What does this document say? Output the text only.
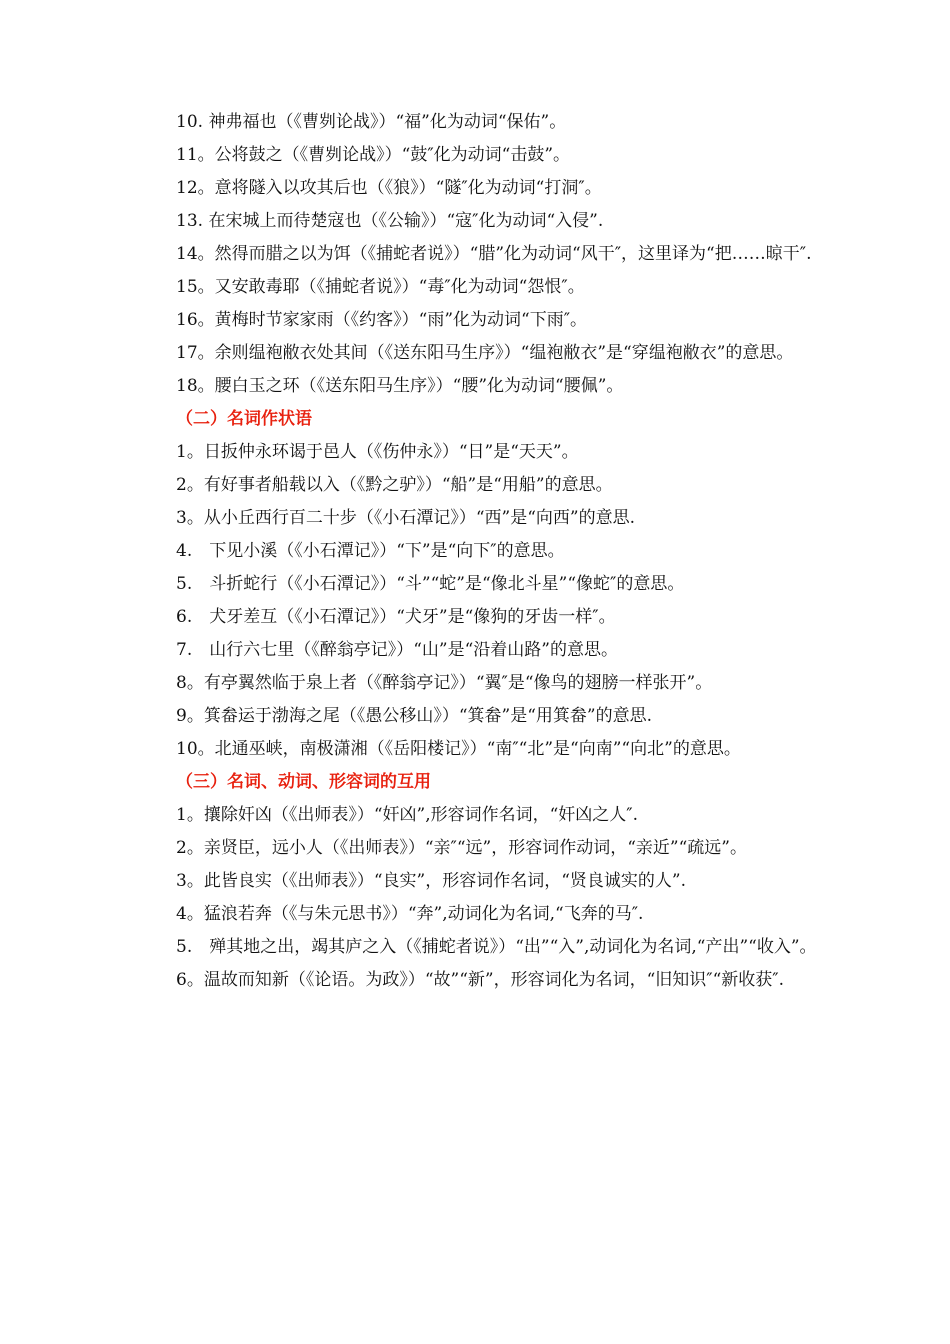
10. 神弗福也（《曹刿论战》）“福”化为动词“保佑”。

11。公将鼓之（《曹刿论战》）“鼓″化为动词“击鼓”。

12。意将隧入以攻其后也（《狼》）“隧″化为动词“打洞″。

13. 在宋城上而待楚寇也（《公输》）“寇″化为动词“入侵”.

14。然得而腊之以为饵（《捕蛇者说》）“腊”化为动词“风干″，这里译为“把……晾干″.

15。又安敢毒耶（《捕蛇者说》）“毒″化为动词“怨恨″。

16。黄梅时节家家雨（《约客》）“雨”化为动词“下雨″。

17。余则缊袍敝衣处其间（《送东阳马生序》）“缊袍敝衣”是“穿缊袍敝衣”的意思。

18。腰白玉之环（《送东阳马生序》）“腰”化为动词“腰佩”。

（二）名词作状语

1。日扳仲永环谒于邑人（《伤仲永》）“日”是“天天”。

2。有好事者船载以入（《黔之驴》）“船”是“用船”的意思。

3。从小丘西行百二十步（《小石潭记》）“西”是“向西”的意思.

4.　下见小溪（《小石潭记》）“下”是“向下″的意思。

5.　斗折蛇行（《小石潭记》）“斗”“蛇”是“像北斗星”“像蛇″的意思。

6.　犬牙差互（《小石潭记》）“犬牙”是“像狗的牙齿一样″。

7.　山行六七里（《醉翁亭记》）“山”是“沿着山路”的意思。

8。有亭翼然临于泉上者（《醉翁亭记》）“翼″是“像鸟的翅膀一样张开”。

9。箕畚运于渤海之尾（《愚公移山》）“箕畚”是“用箕畚”的意思.

10。北通巫峡，南极潇湘（《岳阳楼记》）“南″“北”是“向南”“向北”的意思。

（三）名词、动词、形容词的互用

1。攘除奸凶（《出师表》）“奸凶”,形容词作名词，“奸凶之人″.

2。亲贤臣，远小人（《出师表》）“亲″“远”，形容词作动词，“亲近”“疏远”。

3。此皆良实（《出师表》）“良实”，形容词作名词，“贤良诚实的人”.

4。猛浪若奔（《与朱元思书》）“奔”,动词化为名词,“飞奔的马″.

5.　殚其地之出，竭其庐之入（《捕蛇者说》）“出”“入”,动词化为名词,“产出”“收入”。

6。温故而知新（《论语。为政》）“故”“新”，形容词化为名词，“旧知识″“新收获″.
